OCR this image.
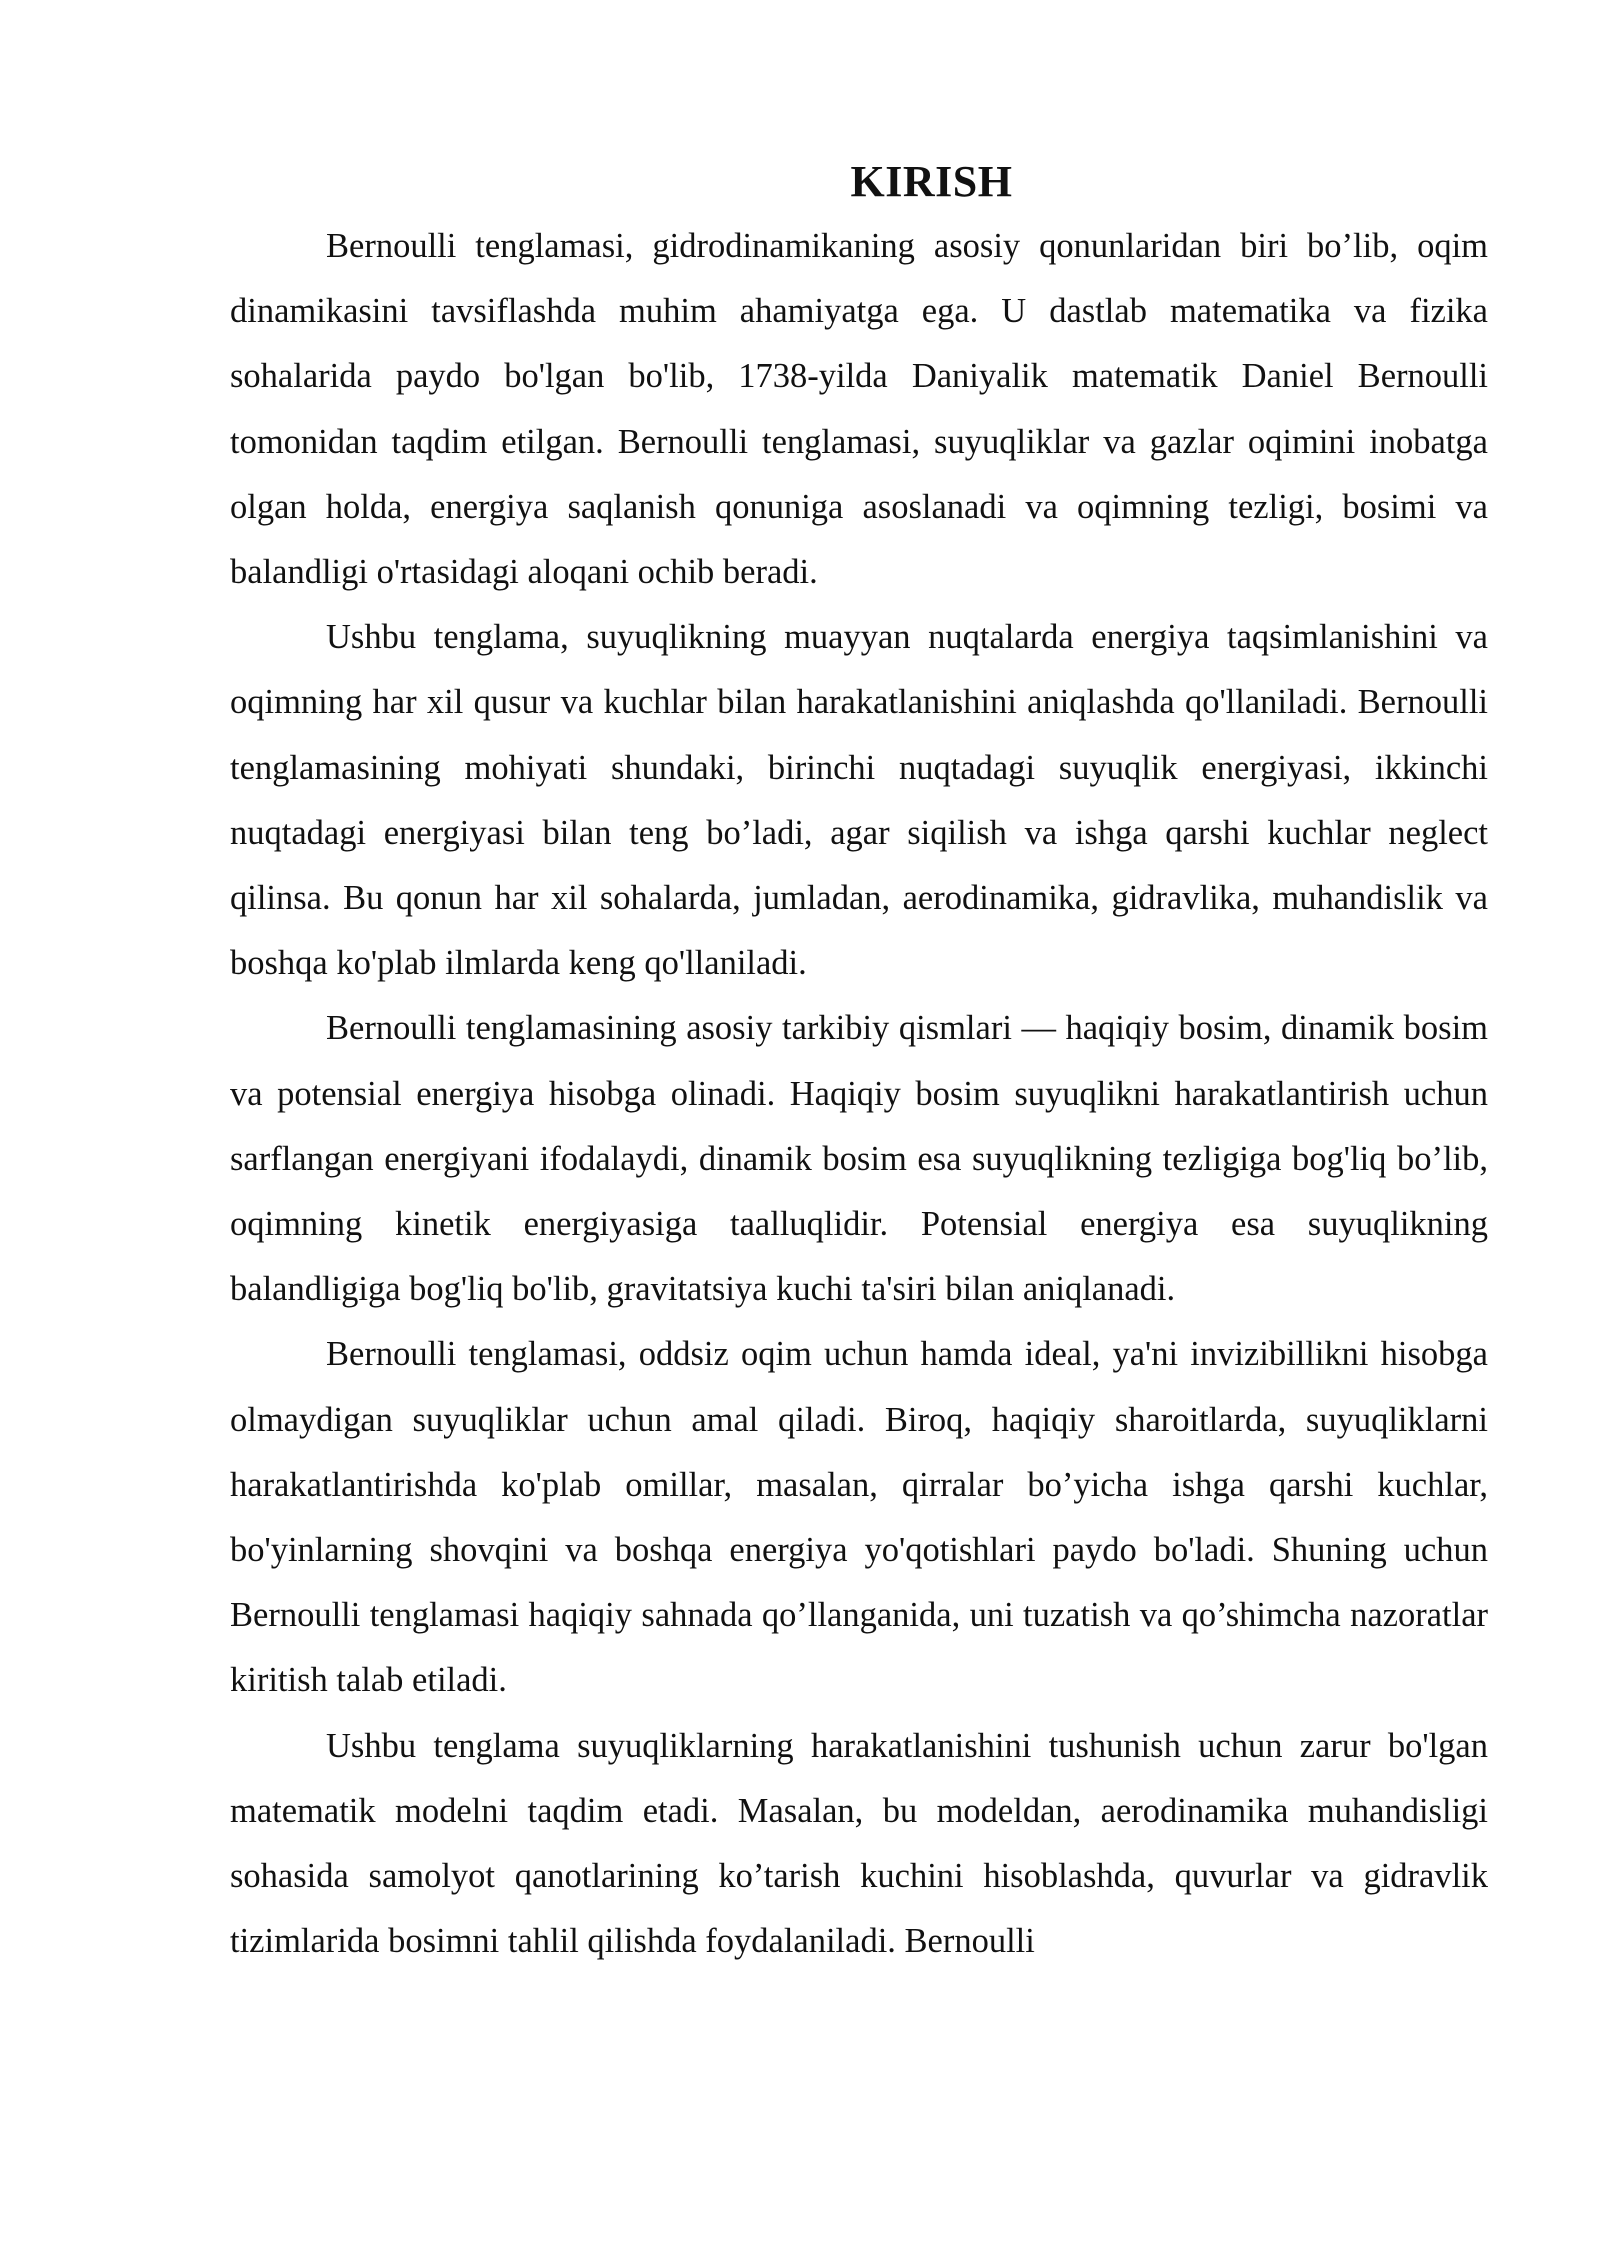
KIRISH

Bernoulli tenglamasi, gidrodinamikaning asosiy qonunlaridan biri bo’lib, oqim dinamikasini tavsiflashda muhim ahamiyatga ega. U dastlab matematika va fizika sohalarida paydo bo'lgan bo'lib, 1738-yilda Daniyalik matematik Daniel Bernoulli tomonidan taqdim etilgan. Bernoulli tenglamasi, suyuqliklar va gazlar oqimini inobatga olgan holda, energiya saqlanish qonuniga asoslanadi va oqimning tezligi, bosimi va balandligi o'rtasidagi aloqani ochib beradi.

Ushbu tenglama, suyuqlikning muayyan nuqtalarda energiya taqsimlanishini va oqimning har xil qusur va kuchlar bilan harakatlanishini aniqlashda qo'llaniladi. Bernoulli tenglamasining mohiyati shundaki, birinchi nuqtadagi suyuqlik energiyasi, ikkinchi nuqtadagi energiyasi bilan teng bo’ladi, agar siqilish va ishga qarshi kuchlar neglect qilinsa. Bu qonun har xil sohalarda, jumladan, aerodinamika, gidravlika, muhandislik va boshqa ko'plab ilmlarda keng qo'llaniladi.

Bernoulli tenglamasining asosiy tarkibiy qismlari — haqiqiy bosim, dinamik bosim va potensial energiya hisobga olinadi. Haqiqiy bosim suyuqlikni harakatlantirish uchun sarflangan energiyani ifodalaydi, dinamik bosim esa suyuqlikning tezligiga bog'liq bo’lib, oqimning kinetik energiyasiga taalluqlidir. Potensial energiya esa suyuqlikning balandligiga bog'liq bo'lib, gravitatsiya kuchi ta'siri bilan aniqlanadi.

Bernoulli tenglamasi, oddsiz oqim uchun hamda ideal, ya'ni invizibillikni hisobga olmaydigan suyuqliklar uchun amal qiladi. Biroq, haqiqiy sharoitlarda, suyuqliklarni harakatlantirishda ko'plab omillar, masalan, qirralar bo’yicha ishga qarshi kuchlar, bo'yinlarning shovqini va boshqa energiya yo'qotishlari paydo bo'ladi. Shuning uchun Bernoulli tenglamasi haqiqiy sahnada qo’llanganida, uni tuzatish va qo’shimcha nazoratlar kiritish talab etiladi.

Ushbu tenglama suyuqliklarning harakatlanishini tushunish uchun zarur bo'lgan matematik modelni taqdim etadi. Masalan, bu modeldan, aerodinamika muhandisligi sohasida samolyot qanotlarining ko’tarish kuchini hisoblashda, quvurlar va gidravlik tizimlarida bosimni tahlil qilishda foydalaniladi. Bernoulli
